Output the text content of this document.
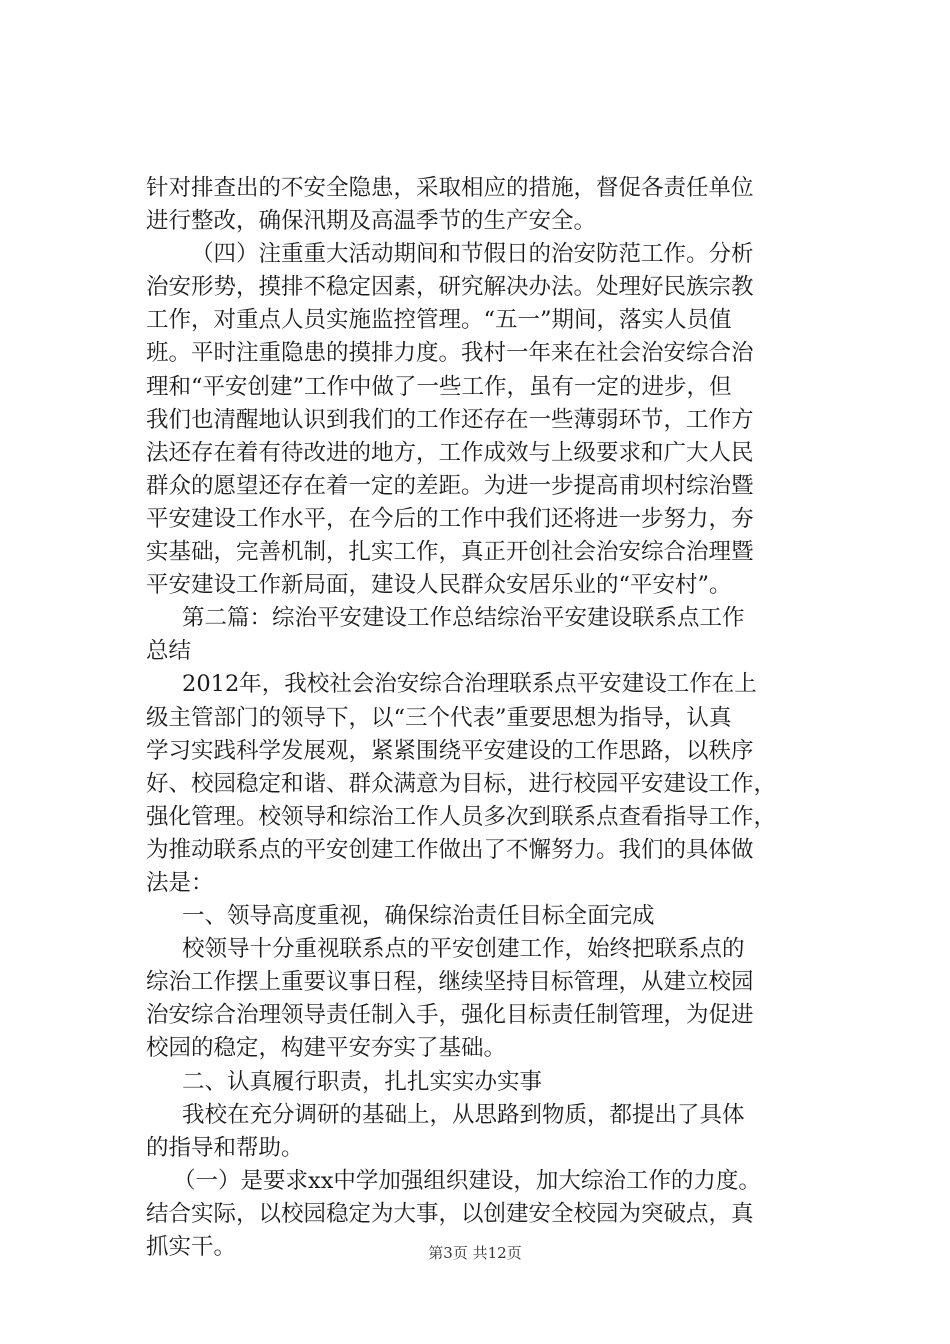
针对排查出的不安全隐患，采取相应的措施，督促各责任单位
进行整改，确保汛期及高温季节的生产安全。
（四）注重重大活动期间和节假日的治安防范工作。分析
治安形势，摸排不稳定因素，研究解决办法。处理好民族宗教
工作，对重点人员实施监控管理。“五一”期间，落实人员值
班。平时注重隐患的摸排力度。我村一年来在社会治安综合治
理和“平安创建”工作中做了一些工作，虽有一定的进步，但
我们也清醒地认识到我们的工作还存在一些薄弱环节，工作方
法还存在着有待改进的地方，工作成效与上级要求和广大人民
群众的愿望还存在着一定的差距。为进一步提高甫坝村综治暨
平安建设工作水平，在今后的工作中我们还将进一步努力，夯
实基础，完善机制，扎实工作，真正开创社会治安综合治理暨
平安建设工作新局面，建设人民群众安居乐业的“平安村”。
第二篇：综治平安建设工作总结综治平安建设联系点工作
总结
2012年，我校社会治安综合治理联系点平安建设工作在上
级主管部门的领导下，以“三个代表”重要思想为指导，认真
学习实践科学发展观，紧紧围绕平安建设的工作思路，以秩序
好、校园稳定和谐、群众满意为目标，进行校园平安建设工作，
强化管理。校领导和综治工作人员多次到联系点查看指导工作，
为推动联系点的平安创建工作做出了不懈努力。我们的具体做
法是：
一、领导高度重视，确保综治责任目标全面完成
校领导十分重视联系点的平安创建工作，始终把联系点的
综治工作摆上重要议事日程，继续坚持目标管理，从建立校园
治安综合治理领导责任制入手，强化目标责任制管理，为促进
校园的稳定，构建平安夯实了基础。
二、认真履行职责，扎扎实实办实事
我校在充分调研的基础上，从思路到物质，都提出了具体
的指导和帮助。
（一）是要求xx中学加强组织建设，加大综治工作的力度。
结合实际，以校园稳定为大事，以创建安全校园为突破点，真
抓实干。	第3页 共12页
